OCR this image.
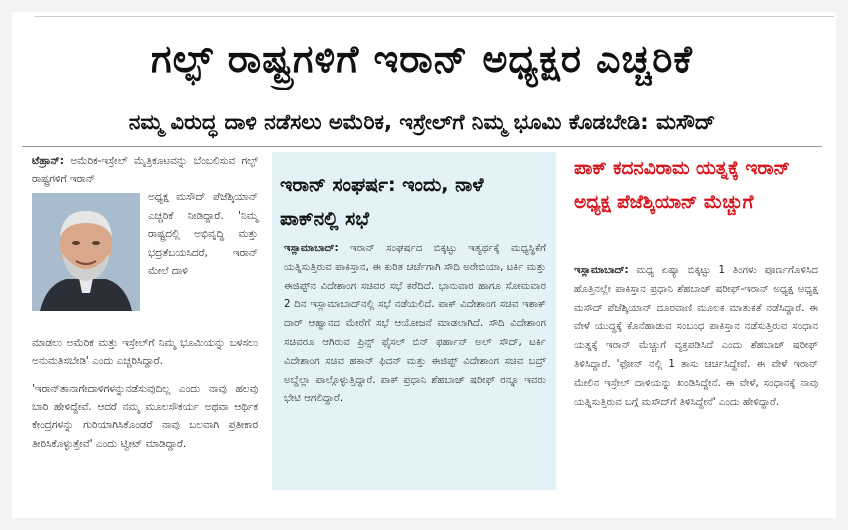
ಗಲ್ಫ್ ರಾಷ್ಟ್ರಗಳಿಗೆ ಇರಾನ್ ಅಧ್ಯಕ್ಷರ ಎಚ್ಚರಿಕೆ
ನಮ್ಮ ವಿರುದ್ಧ ದಾಳಿ ನಡೆಸಲು ಅಮೆರಿಕ, ಇಸ್ರೇಲ್‌ಗೆ ನಿಮ್ಮ ಭೂಮಿ ಕೊಡಬೇಡಿ: ಮಸೌದ್
ಟೆಹ್ರಾನ್: ಅಮೆರಿಕ-ಇಸ್ರೇಲ್ ಮೈತ್ರಿಕೂಟವನ್ನು ಬೆಂಬಲಿಸುವ ಗಲ್ಫ್ ರಾಷ್ಟ್ರಗಳಿಗೆ ಇರಾನ್
ಅಧ್ಯಕ್ಷ ಮಸೌದ್ ಪೆಜೆಶ್ಕಿಯಾನ್ ಎಚ್ಚರಿಕೆ ನೀಡಿದ್ದಾರೆ. 'ನಿಮ್ಮ ರಾಷ್ಟ್ರದಲ್ಲಿ ಅಭಿವೃದ್ಧಿ ಮತ್ತು ಭದ್ರತೆಬಯಸಿದರೆ, ಇರಾನ್ ಮೇಲೆ ದಾಳಿ
ಮಾಡಲು ಅಮೆರಿಕ ಮತ್ತು ಇಸ್ರೇಲ್‌ಗೆ ನಿಮ್ಮ ಭೂಮಿಯನ್ನು ಬಳಸಲು ಅನುಮತಿಸಬೇಡಿ' ಎಂದು ಎಚ್ಚರಿಸಿದ್ದಾರೆ.
'ಇರಾನ್‌ತಾನಾಗೇದಾಳಿಗಳನ್ನುನಡೆಸುವುದಿಲ್ಲ ಎಂದು ನಾವು ಹಲವು ಬಾರಿ ಹೇಳಿದ್ದೇವೆ. ಆದರೆ ನಮ್ಮ ಮೂಲಸೌಕರ್ಯ ಅಥವಾ ಆರ್ಥಿಕ ಕೇಂದ್ರಗಳನ್ನು ಗುರಿಯಾಗಿಸಿಕೊಂಡರೆ ನಾವು ಬಲವಾಗಿ ಪ್ರತೀಕಾರ ತೀರಿಸಿಕೊಳ್ಳುತ್ತೇವೆ' ಎಂದು ಟ್ವೀಟ್ ಮಾಡಿದ್ದಾರೆ.
ಇರಾನ್ ಸಂಘರ್ಷ: ಇಂದು, ನಾಳೆ ಪಾಕ್‌ನಲ್ಲಿ ಸಭೆ
ಇಸ್ಲಾಮಾಬಾದ್: ಇರಾನ್ ಸಂಘರ್ಷದ ಬಿಕ್ಕಟ್ಟು ಇತ್ಯರ್ಥಕ್ಕೆ ಮಧ್ಯಸ್ಥಿಕೆಗೆ ಯತ್ನಿಸುತ್ತಿರುವ ಪಾಕಿಸ್ತಾನ, ಈ ಕುರಿತ ಚರ್ಚೆಗಾಗಿ ಸೌದಿ ಅರೇಬಿಯಾ, ಟರ್ಕಿ ಮತ್ತು ಈಜಿಪ್ಟ್‌ನ ವಿದೇಶಾಂಗ ಸಚಿವರ ಸಭೆ ಕರೆದಿದೆ. ಭಾನುವಾರ ಹಾಗೂ ಸೋಮವಾರ 2 ದಿನ ಇಸ್ಲಾಮಾಬಾದ್‌ನಲ್ಲಿ ಸಭೆ ನಡೆಯಲಿದೆ. ಪಾಕ್ ವಿದೇಶಾಂಗ ಸಚಿವ ಇಶಾಕ್ ದಾರ್ ಆಹ್ವಾನದ ಮೇರೆಗೆ ಸಭೆ ಆಯೋಜನೆ ಮಾಡಲಾಗಿದೆ. ಸೌದಿ ವಿದೇಶಾಂಗ ಸಚಿವರೂ ಆಗಿರುವ ಪ್ರಿನ್ಸ್ ಫೈಸಲ್ ಬಿನ್ ಫರ್ಹಾನ್ ಅಲ್ ಸೌದ್, ಟರ್ಕಿ ವಿದೇಶಾಂಗ ಸಚಿವ ಹಕಾನ್ ಫಿದನ್ ಮತ್ತು ಈಜಿಪ್ಟ್ ವಿದೇಶಾಂಗ ಸಚಿವ ಬದ್ರ್ ಅಬ್ದೆಲ್ಲಾ ಪಾಲ್ಗೊಳ್ಳುತ್ತಿದ್ದಾರೆ. ಪಾಕ್ ಪ್ರಧಾನಿ ಶೆಹಬಾಜ್ ಷರೀಫ್ ರನ್ನೂ ಇವರು ಭೇಟಿ ಆಗಲಿದ್ದಾರೆ.
ಪಾಕ್ ಕದನವಿರಾಮ ಯತ್ನಕ್ಕೆ ಇರಾನ್ ಅಧ್ಯಕ್ಷ ಪೆಜೆಶ್ಕಿಯಾನ್ ಮೆಚ್ಚುಗೆ
ಇಸ್ಲಾಮಾಬಾದ್: ಮಧ್ಯ ಏಷ್ಯಾ ಬಿಕ್ಕಟ್ಟು 1 ತಿಂಗಳು ಪೂರ್ಣಗೊಳಿಸಿದ ಹೊತ್ತಿನಲ್ಲೇ ಪಾಕಿಸ್ತಾನ ಪ್ರಧಾನಿ ಶೆಹಬಾಜ್ ಷರೀಫ್-ಇರಾನ್ ಅಧ್ಯಕ್ಷ ಅಧ್ಯಕ್ಷ ಮಸೌದ್ ಪೆಜೆಶ್ಕಿಯಾನ್ ದೂರವಾಣಿ ಮೂಲಕ ಮಾತುಕತೆ ನಡೆಸಿದ್ದಾರೆ. ಈ ವೇಳೆ ಯುದ್ಧಕ್ಕೆ ಕೊನೆಹಾಡುವ ಸಂಬಂಧ ಪಾಕಿಸ್ತಾನ ನಡೆಸುತ್ತಿರುವ ಸಂಧಾನ ಯತ್ನಕ್ಕೆ ಇರಾನ್ ಮೆಚ್ಚುಗೆ ವ್ಯಕ್ತಪಡಿಸಿದೆ ಎಂದು ಶೆಹಬಾಜ್ ಷರೀಫ್ ತಿಳಿಸಿದ್ದಾರೆ. 'ಫೋನ್ ನಲ್ಲಿ 1 ತಾಸು ಚರ್ಚಿಸಿದ್ದೇವೆ. ಈ ವೇಳೆ ಇರಾನ್ ಮೇಲಿನ ಇಸ್ರೇಲ್ ದಾಳಿಯನ್ನು ಖಂಡಿಸಿದ್ದೇನೆ. ಈ ವೇಳೆ, ಸಂಧಾನಕ್ಕೆ ನಾವು ಯತ್ನಿಸುತ್ತಿರುವ ಬಗ್ಗೆ ಮಸೌದ್‌ಗೆ ತಿಳಿಸಿದ್ದೇನೆ' ಎಂದು ಹೇಳಿದ್ದಾರೆ.
